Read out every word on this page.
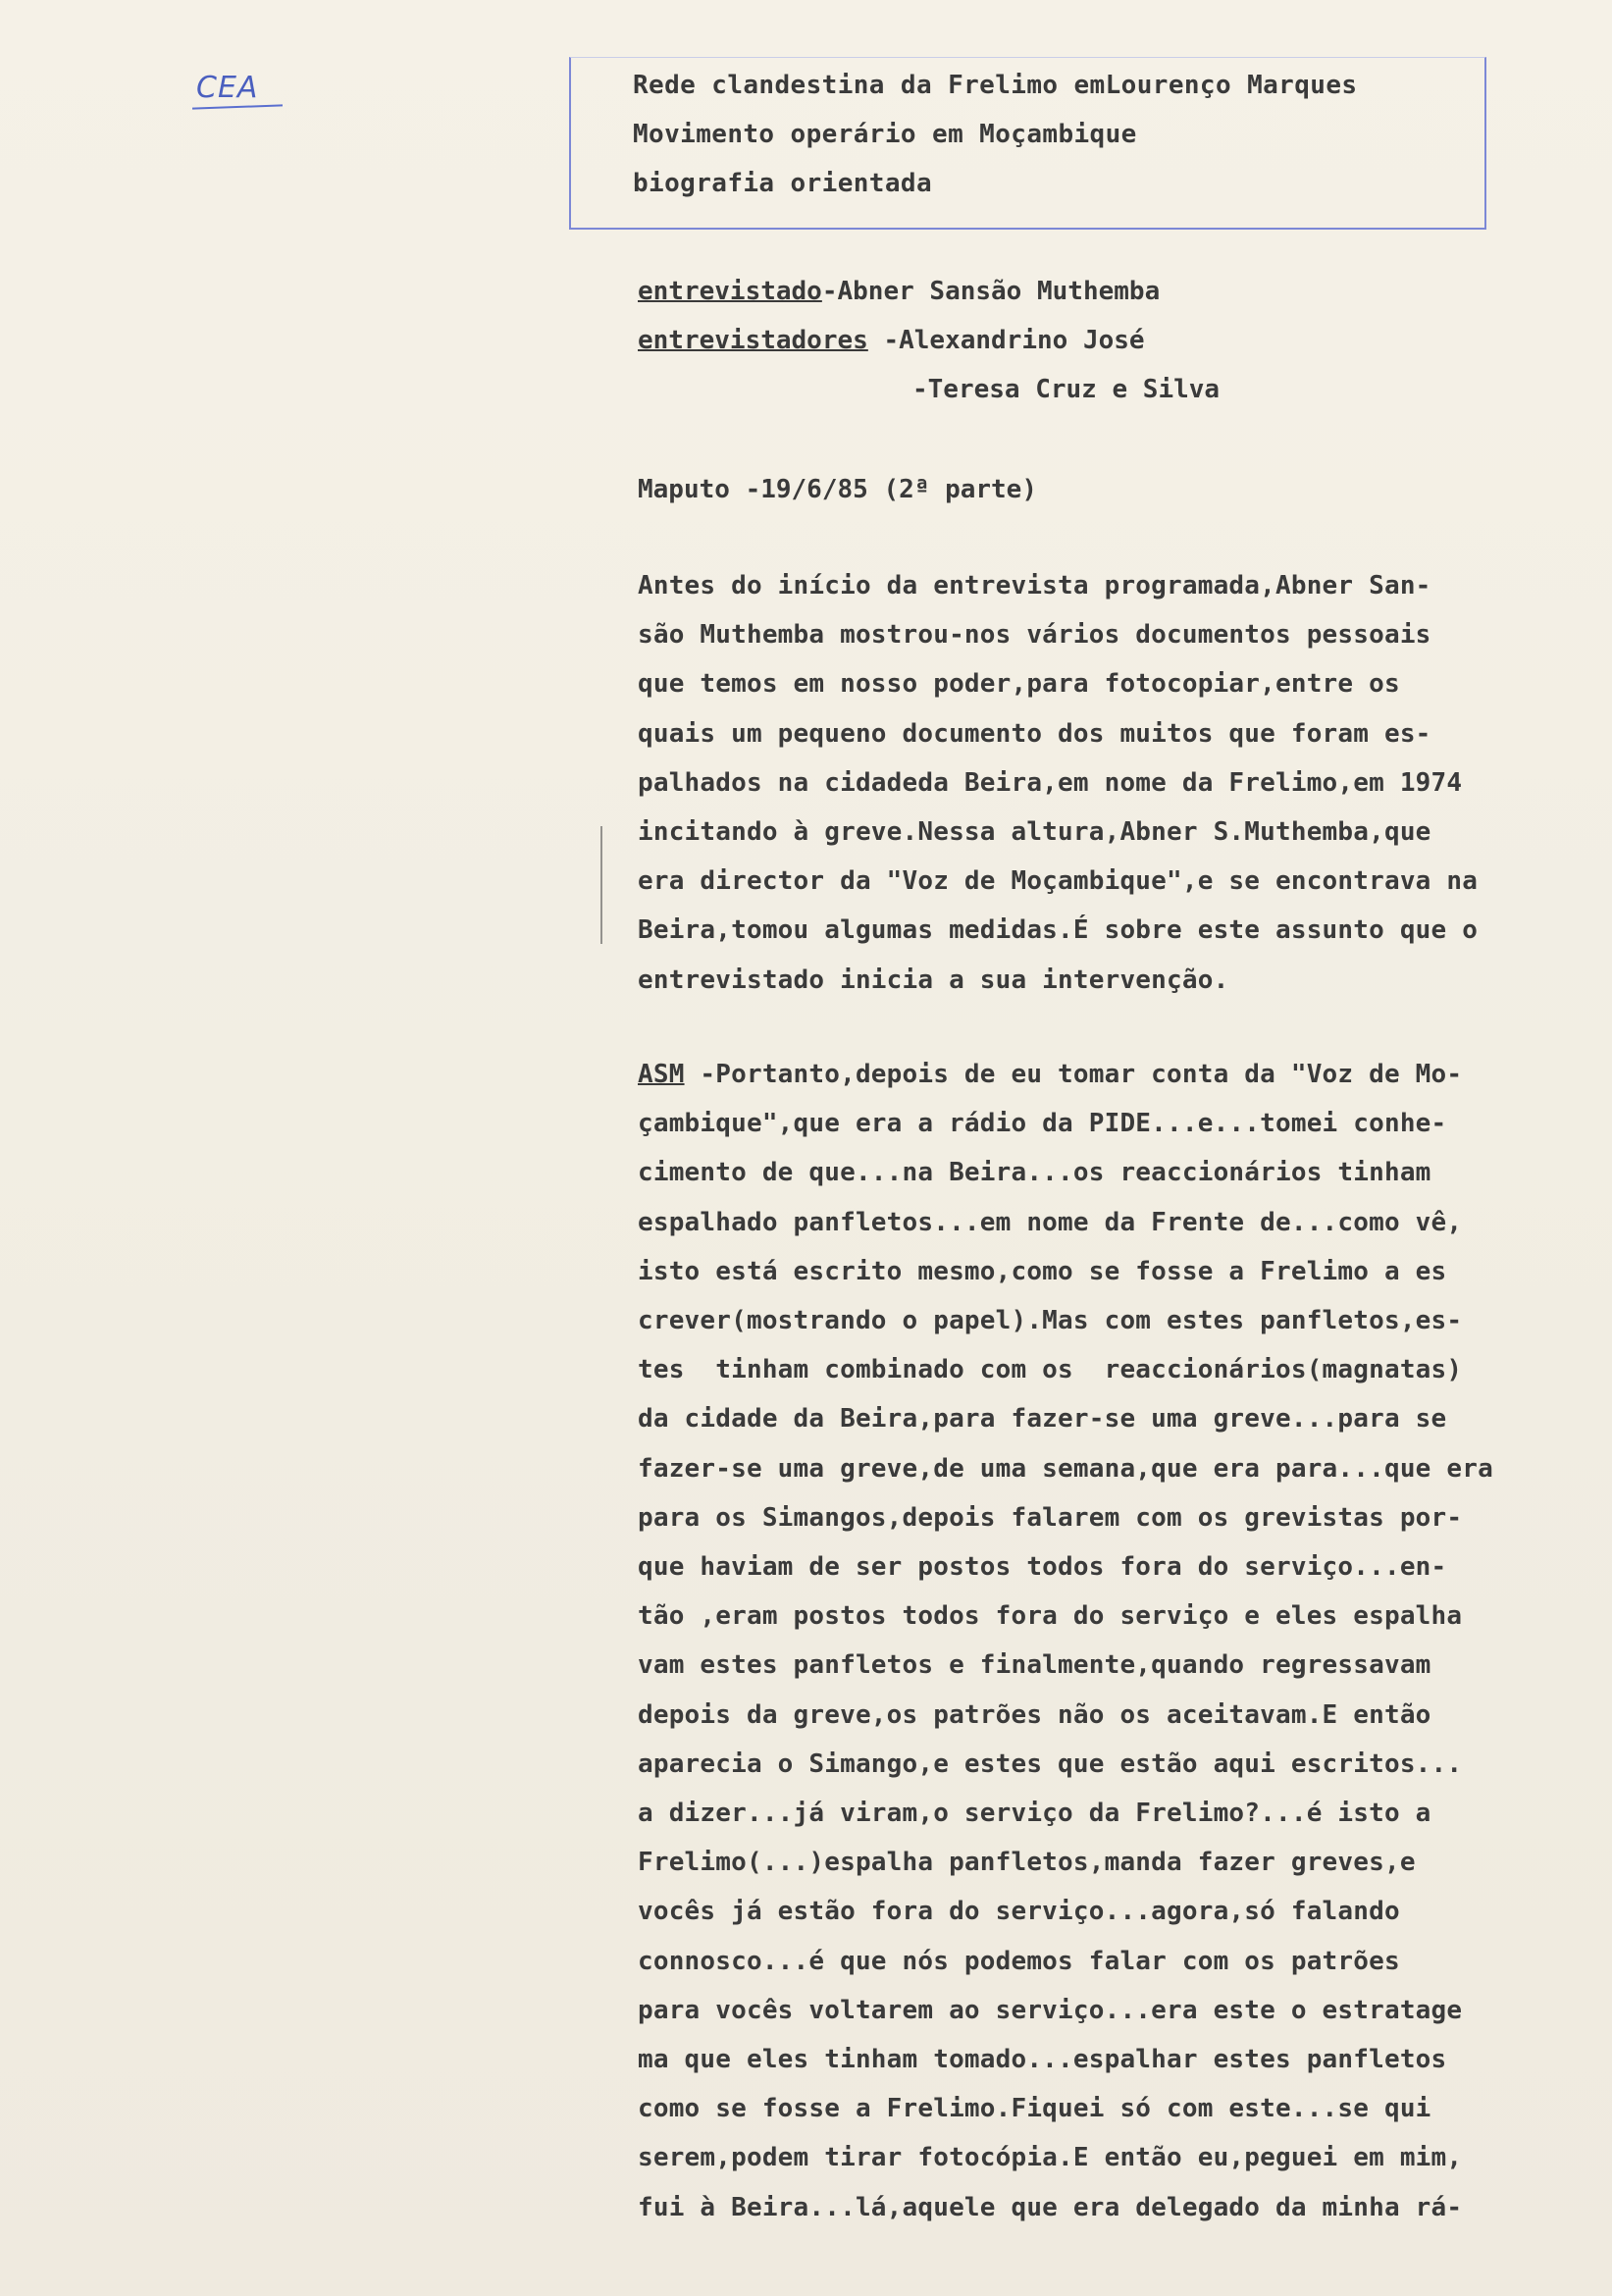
CEA	Rede clandestina da Frelimo emLourenço Marques
Movimento operário em Moçambique
biografia orientada
entrevistado-Abner Sansão Muthemba
entrevistadores -Alexandrino José
-Teresa Cruz e Silva
Maputo -19/6/85 (2ª parte)
Antes do início da entrevista programada,Abner San-
são Muthemba mostrou-nos vários documentos pessoais
que temos em nosso poder,para fotocopiar,entre os
quais um pequeno documento dos muitos que foram es-
palhados na cidadeda Beira,em nome da Frelimo,em 1974
incitando à greve.Nessa altura,Abner S.Muthemba,que
era director da "Voz de Moçambique",e se encontrava na
Beira,tomou algumas medidas.É sobre este assunto que o
entrevistado inicia a sua intervenção.
ASM -Portanto,depois de eu tomar conta da "Voz de Mo-
çambique",que era a rádio da PIDE...e...tomei conhe-
cimento de que...na Beira...os reaccionários tinham
espalhado panfletos...em nome da Frente de...como vê,
isto está escrito mesmo,como se fosse a Frelimo a es
crever(mostrando o papel).Mas com estes panfletos,es-
tes  tinham combinado com os  reaccionários(magnatas)
da cidade da Beira,para fazer-se uma greve...para se
fazer-se uma greve,de uma semana,que era para...que era
para os Simangos,depois falarem com os grevistas por-
que haviam de ser postos todos fora do serviço...en-
tão ,eram postos todos fora do serviço e eles espalha
vam estes panfletos e finalmente,quando regressavam
depois da greve,os patrões não os aceitavam.E então
aparecia o Simango,e estes que estão aqui escritos...
a dizer...já viram,o serviço da Frelimo?...é isto a
Frelimo(...)espalha panfletos,manda fazer greves,e
vocês já estão fora do serviço...agora,só falando
connosco...é que nós podemos falar com os patrões
para vocês voltarem ao serviço...era este o estratage
ma que eles tinham tomado...espalhar estes panfletos
como se fosse a Frelimo.Fiquei só com este...se qui
serem,podem tirar fotocópia.E então eu,peguei em mim,
fui à Beira...lá,aquele que era delegado da minha rá-
